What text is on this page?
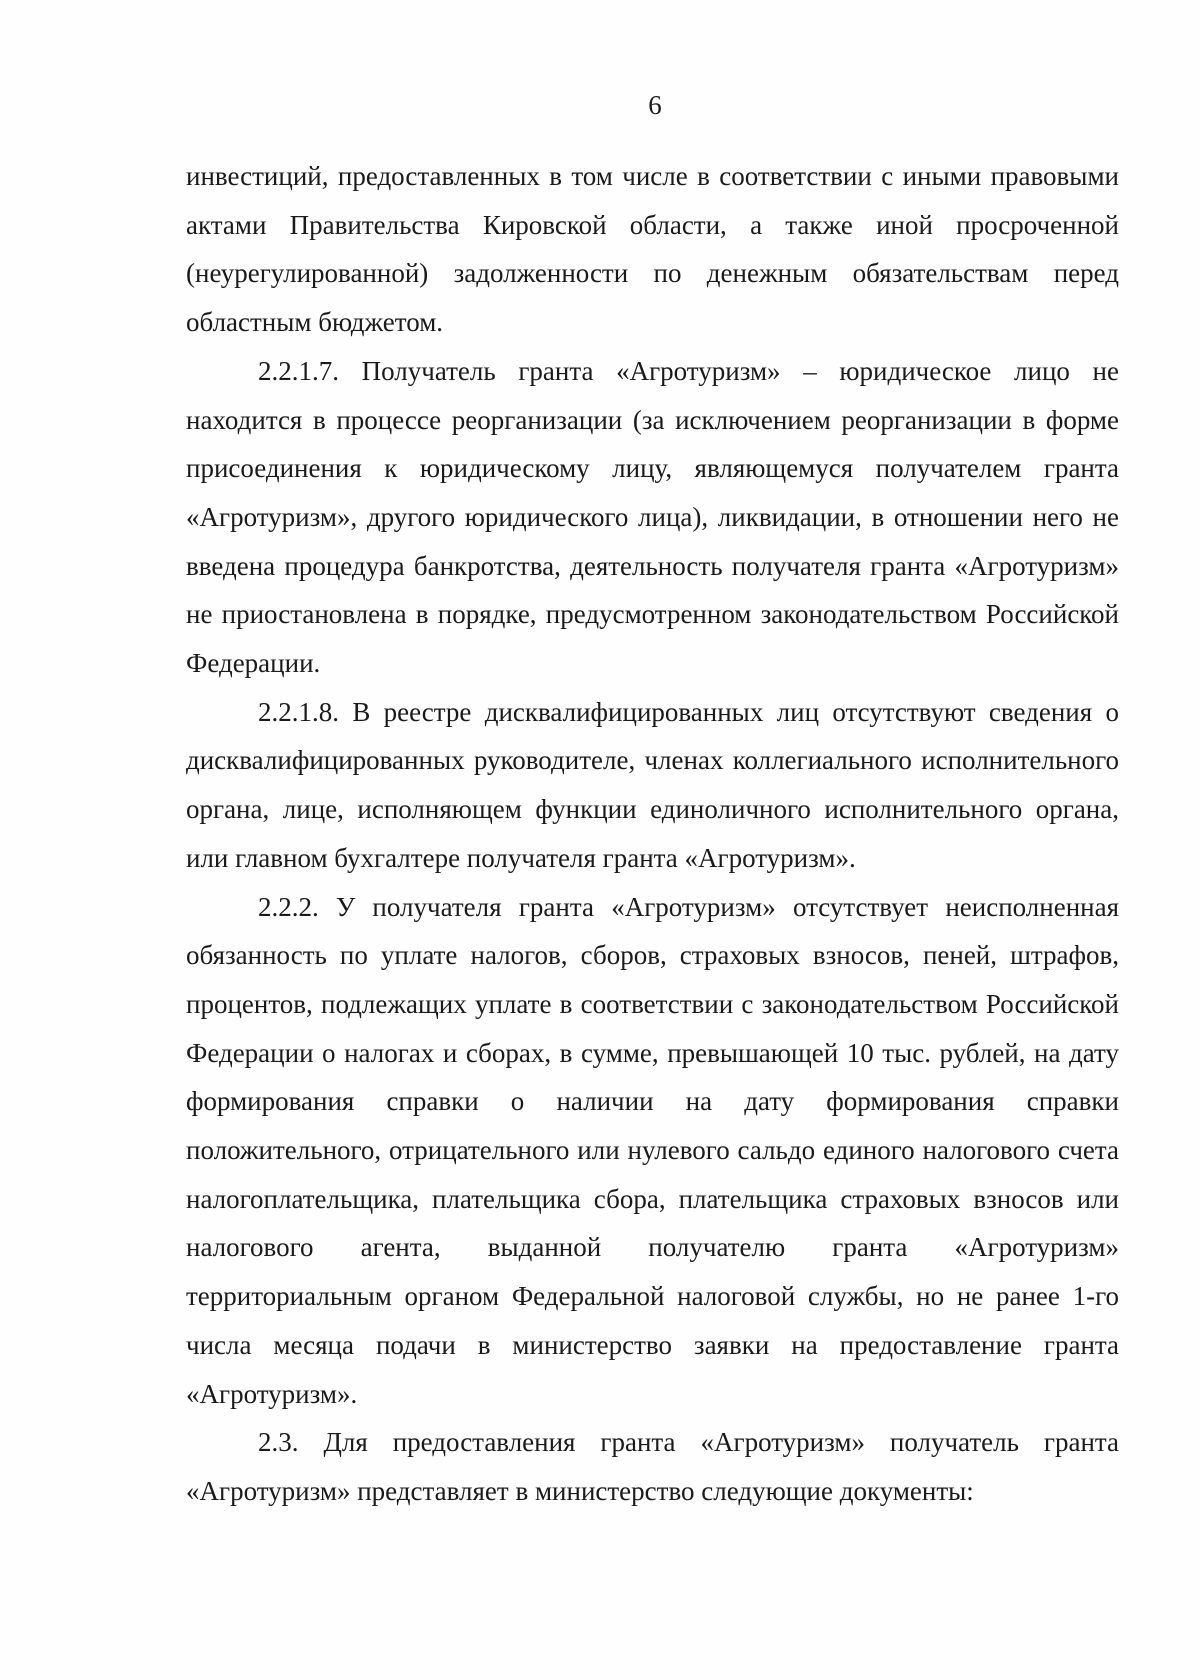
6

инвестиций, предоставленных в том числе в соответствии с иными правовыми актами Правительства Кировской области, а также иной просроченной (неурегулированной) задолженности по денежным обязательствам перед областным бюджетом.

2.2.1.7. Получатель гранта «Агротуризм» – юридическое лицо не находится в процессе реорганизации (за исключением реорганизации в форме присоединения к юридическому лицу, являющемуся получателем гранта «Агротуризм», другого юридического лица), ликвидации, в отношении него не введена процедура банкротства, деятельность получателя гранта «Агротуризм» не приостановлена в порядке, предусмотренном законодательством Российской Федерации.

2.2.1.8. В реестре дисквалифицированных лиц отсутствуют сведения о дисквалифицированных руководителе, членах коллегиального исполнительного органа, лице, исполняющем функции единоличного исполнительного органа, или главном бухгалтере получателя гранта «Агротуризм».

2.2.2. У получателя гранта «Агротуризм» отсутствует неисполненная обязанность по уплате налогов, сборов, страховых взносов, пеней, штрафов, процентов, подлежащих уплате в соответствии с законодательством Российской Федерации о налогах и сборах, в сумме, превышающей 10 тыс. рублей, на дату формирования справки о наличии на дату формирования справки положительного, отрицательного или нулевого сальдо единого налогового счета налогоплательщика, плательщика сбора, плательщика страховых взносов или налогового агента, выданной получателю гранта «Агротуризм» территориальным органом Федеральной налоговой службы, но не ранее 1-го числа месяца подачи в министерство заявки на предоставление гранта «Агротуризм».

2.3. Для предоставления гранта «Агротуризм» получатель гранта «Агротуризм» представляет в министерство следующие документы:
